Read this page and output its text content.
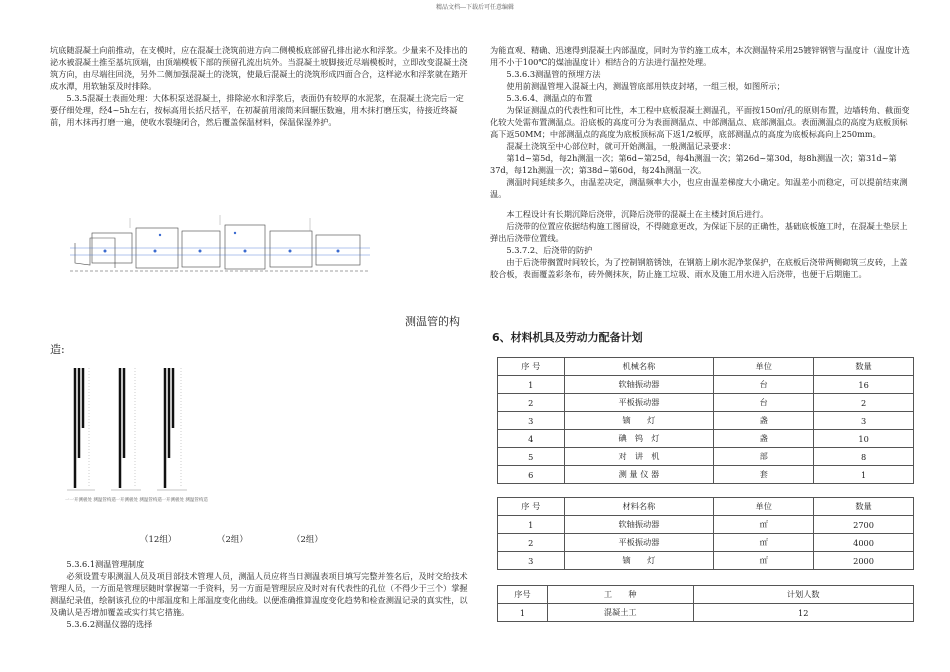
精品文档---下载后可任意编辑

坑底随混凝土向前推动，在支模时，应在混凝土浇筑前进方向二侧模板底部留孔排出泌水和浮浆。少量来不及排出的泌水被混凝土推至基坑顶端，由顶端模板下部的预留孔流出坑外。当混凝土坡脚接近尽端模板时，立即改变混凝土浇筑方向，由尽端往回浇，另外二侧加强混凝土的浇筑，使最后混凝土的浇筑形成四面合合，这样泌水和浮浆就在踏开成水潭，用软轴泵及时排除。

5.3.5混凝土表面处理：大体积泵送混凝土，排除泌水和浮浆后，表面仍有较厚的水泥浆，在混凝土浇完后一定要仔细处理，经4~5h左右，按标高用长括尺括平，在初凝前用滚筒来回辗压数遍，用木抹打磨压实，待接近终凝前，用木抹再打磨一遍，使收水裂缝闭合，然后覆盖保温材料，保温保湿养护。

测温管的构
造:
一一开测板处 测温管构造
一一开测板处 测温管构造
一一开测板处 测温管构造
（12组）	（2组）	（2组）

5.3.6.1测温管理制度

必须设置专职测温人员及项目部技术管理人员，测温人员应将当日测温表项目填写完整并签名后，及时交给技术管理人员，一方面是管理层随时掌握第一手资料，另一方面是管理层应及时对有代表性的孔位（不得少于三个）掌握测温纪录值，绘制该孔位的中部温度和上部温度变化曲线。以便准确推算温度变化趋势和检查测温记录的真实性，以及确认是否增加覆盖或实行其它措施。

5.3.6.2测温仪器的选择

为能直观、精确、迅速得到混凝土内部温度，同时为节约施工成本，本次测温特采用25镀锌钢管与温度计（温度计选用不小于100℃的煤油温度计）相结合的方法进行温控处理。

5.3.6.3测温管的预埋方法

使用前测温管埋入混凝土内，测温管底部用铁皮封堵，一组三根，如图所示；

5.3.6.4、测温点的布置

为保证测温点的代表性和可比性，本工程中底板混凝土测温孔，平面按150㎡/孔的原则布置，边墙转角、截面变化较大处需布置测温点。沿底板的高度可分为表面测温点、中部测温点、底部测温点。表面测温点的高度为底板顶标高下返50MM；中部测温点的高度为底板顶标高下返1/2板厚，底部测温点的高度为底板标高向上250mm。

混凝土浇筑至中心部位时，就可开始测温，一般测温记录要求：

第1d~第5d，每2h测温一次；第6d~第25d，每4h测温一次；第26d~第30d，每8h测温一次；第31d~第37d，每12h测温一次；第38d~第60d，每24h测温一次。

测温时间延续多久，由温差决定，测温频率大小，也应由温差梯度大小确定。知温差小而稳定，可以提前结束测温。

本工程设计有长期沉降后浇带，沉降后浇带的混凝土在主楼封顶后进行。

后浇带的位置应依据结构施工图留设，不得随意更改，为保证下层的正确性，基础底板施工时，在混凝土垫层上弹出后浇带位置线。

5.3.7.2、后浇带的防护

由于后浇带搁置时间较长，为了控制钢筋锈蚀，在钢筋上刷水泥净浆保护，在底板后浇带两侧砌筑三皮砖，上盖胶合板，表面覆盖彩条布，砖外侧抹灰，防止施工垃圾、雨水及施工用水进入后浇带，也便于后期施工。

6、材料机具及劳动力配备计划
序 号	机械名称	单位	数量
1	软轴振动器	台	16
2	平板振动器	台	2
3	镝　　灯	盏	3
4	碘　钨　灯	盏	10
5	对　讲　机	部	8
6	测 量 仪 器	套	1
序 号	材料名称	单位	数量
1	软轴振动器	㎡	2700
2	平板振动器	㎡	4000
3	镝　　灯	㎡	2000
序号	工　　种	计划人数
1	混凝土工	12
